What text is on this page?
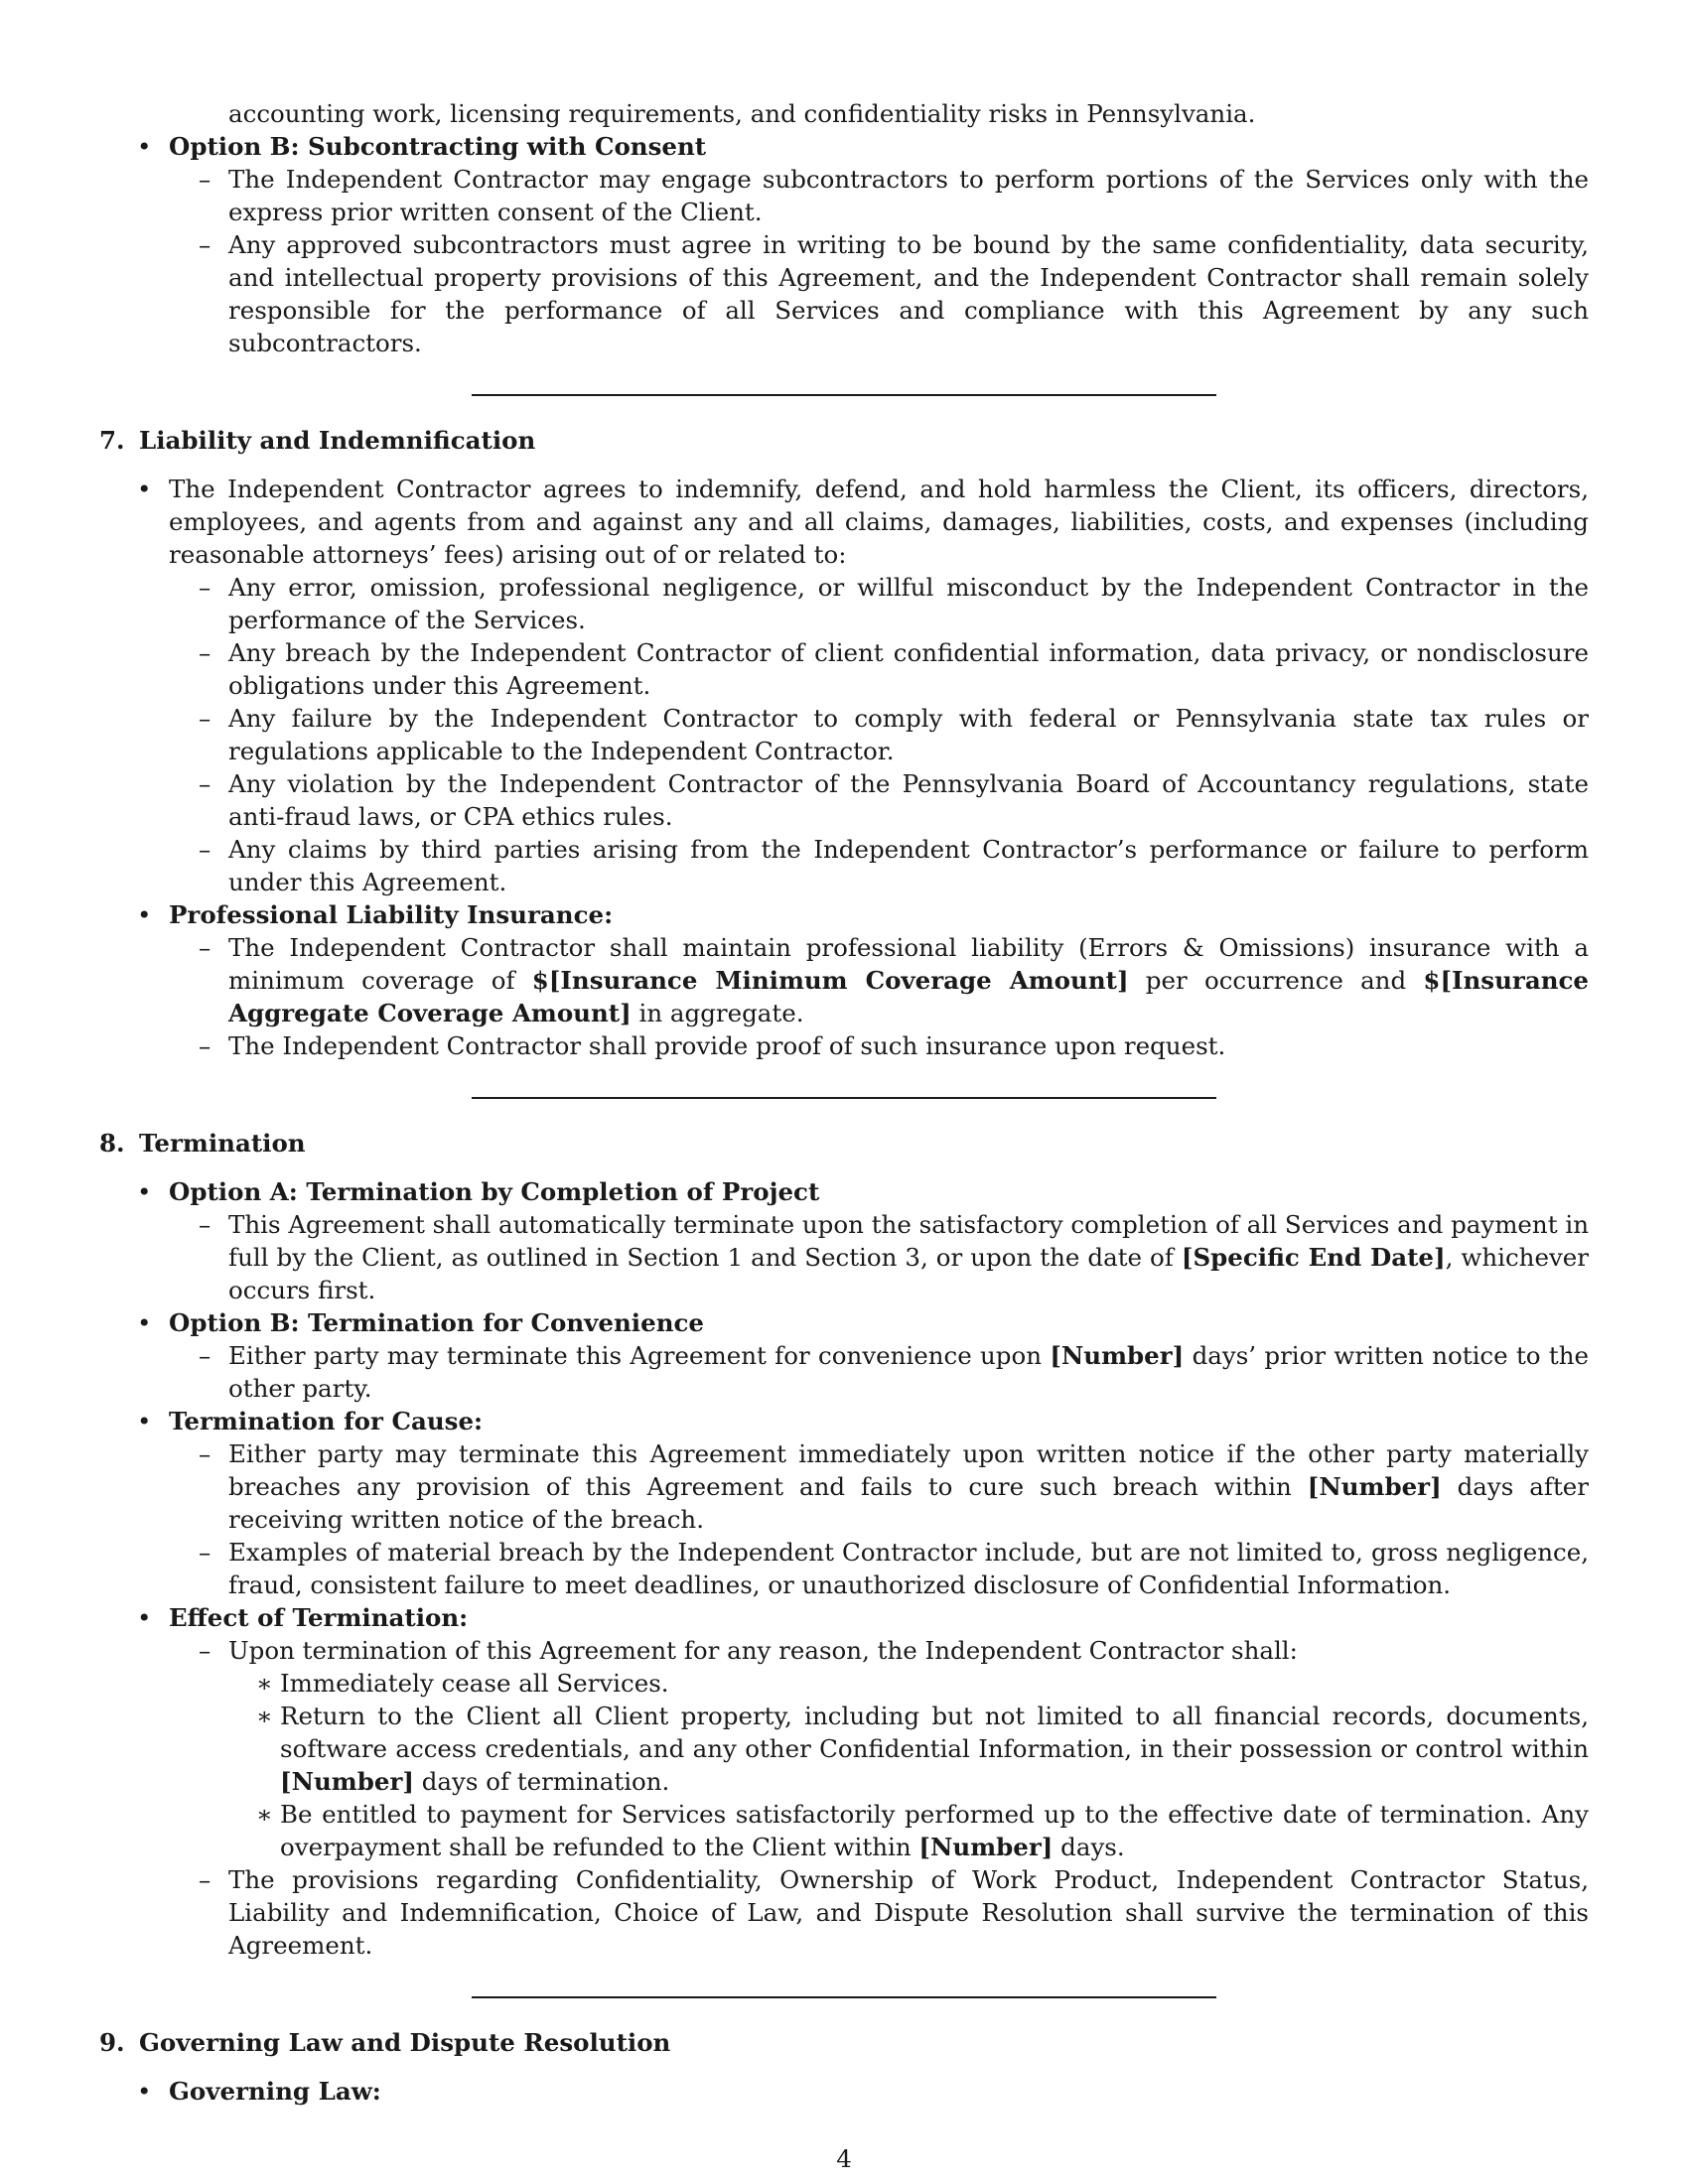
accounting work, licensing requirements, and confidentiality risks in Pennsylvania.
• Option B: Subcontracting with Consent
– The Independent Contractor may engage subcontractors to perform portions of the Services only with the express prior written consent of the Client.
– Any approved subcontractors must agree in writing to be bound by the same confidentiality, data security, and intellectual property provisions of this Agreement, and the Independent Contractor shall remain solely responsible for the performance of all Services and compliance with this Agreement by any such subcontractors.
7. Liability and Indemnification
• The Independent Contractor agrees to indemnify, defend, and hold harmless the Client, its officers, directors, employees, and agents from and against any and all claims, damages, liabilities, costs, and expenses (including reasonable attorneys’ fees) arising out of or related to:
– Any error, omission, professional negligence, or willful misconduct by the Independent Contractor in the performance of the Services.
– Any breach by the Independent Contractor of client confidential information, data privacy, or nondisclosure obligations under this Agreement.
– Any failure by the Independent Contractor to comply with federal or Pennsylvania state tax rules or regulations applicable to the Independent Contractor.
– Any violation by the Independent Contractor of the Pennsylvania Board of Accountancy regulations, state anti-fraud laws, or CPA ethics rules.
– Any claims by third parties arising from the Independent Contractor’s performance or failure to perform under this Agreement.
• Professional Liability Insurance:
– The Independent Contractor shall maintain professional liability (Errors & Omissions) insurance with a minimum coverage of $[Insurance Minimum Coverage Amount] per occurrence and $[Insurance Aggregate Coverage Amount] in aggregate.
– The Independent Contractor shall provide proof of such insurance upon request.
8. Termination
• Option A: Termination by Completion of Project
– This Agreement shall automatically terminate upon the satisfactory completion of all Services and payment in full by the Client, as outlined in Section 1 and Section 3, or upon the date of [Specific End Date], whichever occurs first.
• Option B: Termination for Convenience
– Either party may terminate this Agreement for convenience upon [Number] days’ prior written notice to the other party.
• Termination for Cause:
– Either party may terminate this Agreement immediately upon written notice if the other party materially breaches any provision of this Agreement and fails to cure such breach within [Number] days after receiving written notice of the breach.
– Examples of material breach by the Independent Contractor include, but are not limited to, gross negligence, fraud, consistent failure to meet deadlines, or unauthorized disclosure of Confidential Information.
• Effect of Termination:
– Upon termination of this Agreement for any reason, the Independent Contractor shall:
∗ Immediately cease all Services.
∗ Return to the Client all Client property, including but not limited to all financial records, documents, software access credentials, and any other Confidential Information, in their possession or control within [Number] days of termination.
∗ Be entitled to payment for Services satisfactorily performed up to the effective date of termination. Any overpayment shall be refunded to the Client within [Number] days.
– The provisions regarding Confidentiality, Ownership of Work Product, Independent Contractor Status, Liability and Indemnification, Choice of Law, and Dispute Resolution shall survive the termination of this Agreement.
9. Governing Law and Dispute Resolution
• Governing Law:
4
